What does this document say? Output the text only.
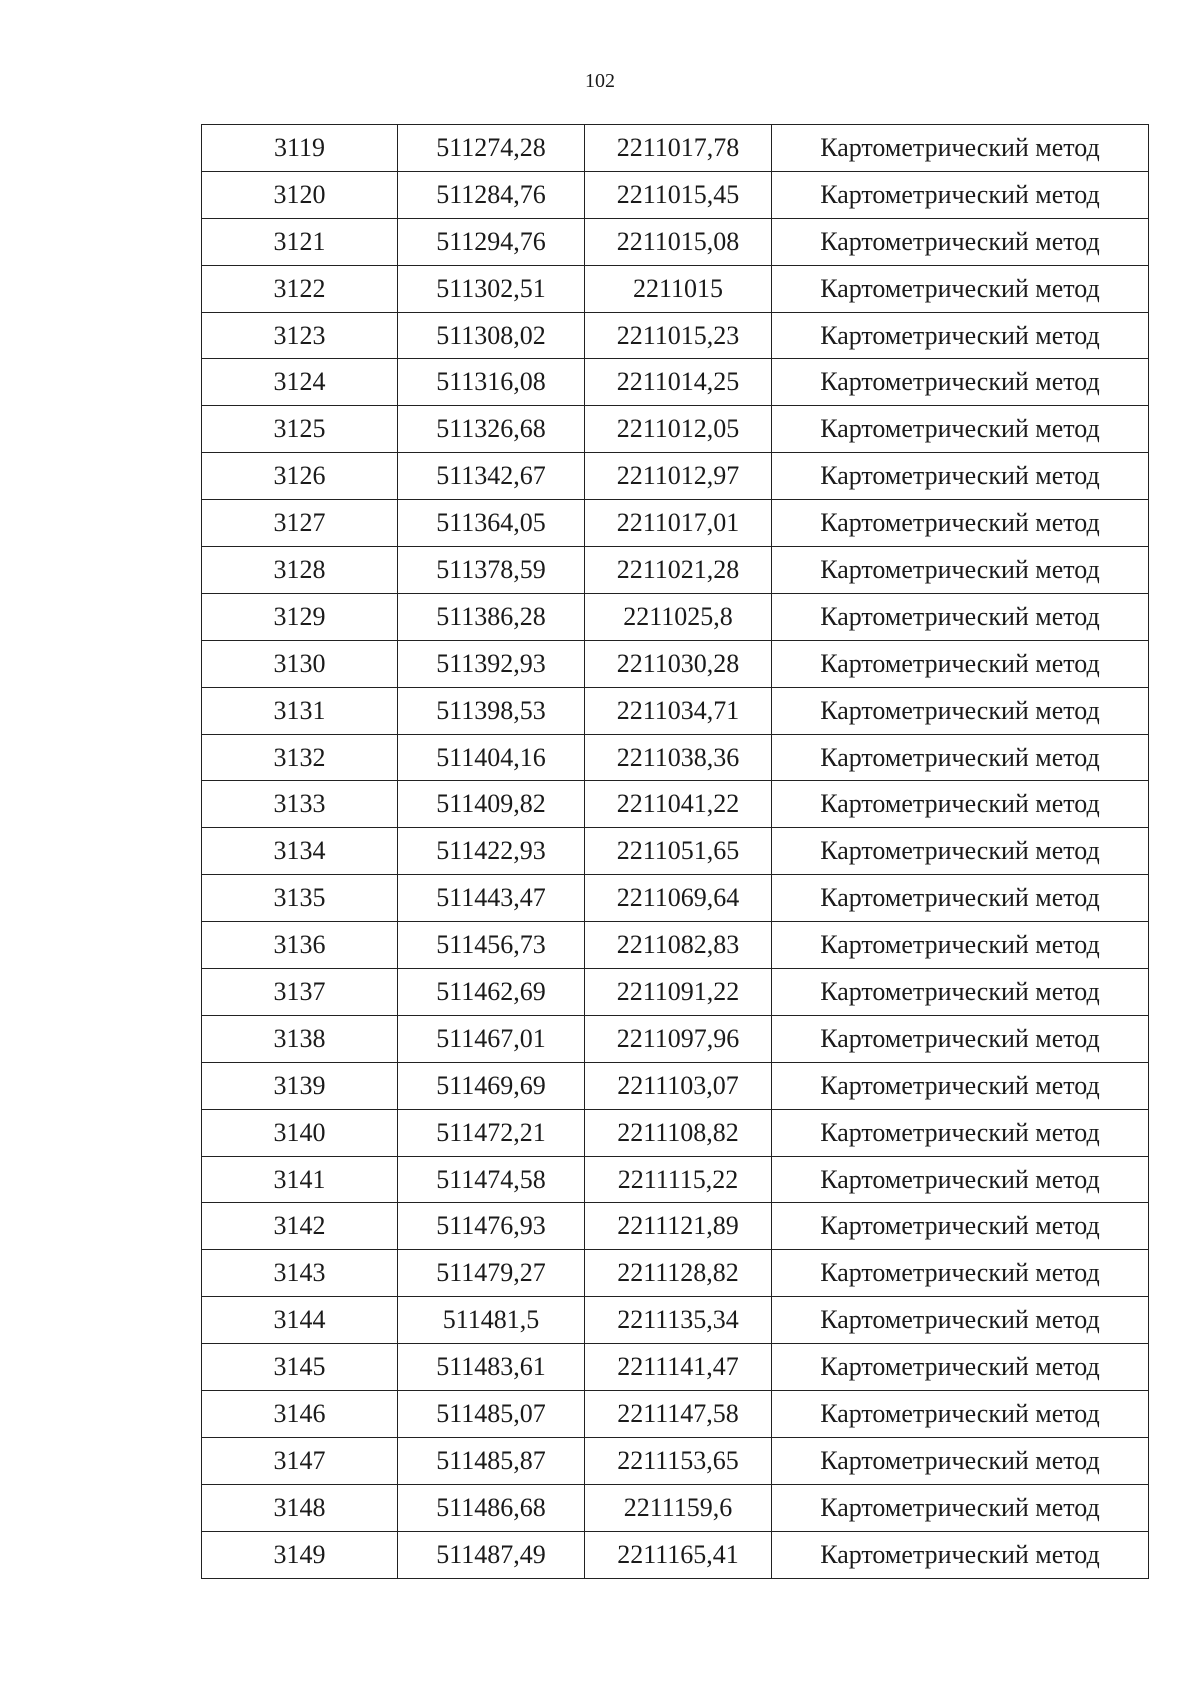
102
3119	511274,28	2211017,78	Картометрический метод
3120	511284,76	2211015,45	Картометрический метод
3121	511294,76	2211015,08	Картометрический метод
3122	511302,51	2211015	Картометрический метод
3123	511308,02	2211015,23	Картометрический метод
3124	511316,08	2211014,25	Картометрический метод
3125	511326,68	2211012,05	Картометрический метод
3126	511342,67	2211012,97	Картометрический метод
3127	511364,05	2211017,01	Картометрический метод
3128	511378,59	2211021,28	Картометрический метод
3129	511386,28	2211025,8	Картометрический метод
3130	511392,93	2211030,28	Картометрический метод
3131	511398,53	2211034,71	Картометрический метод
3132	511404,16	2211038,36	Картометрический метод
3133	511409,82	2211041,22	Картометрический метод
3134	511422,93	2211051,65	Картометрический метод
3135	511443,47	2211069,64	Картометрический метод
3136	511456,73	2211082,83	Картометрический метод
3137	511462,69	2211091,22	Картометрический метод
3138	511467,01	2211097,96	Картометрический метод
3139	511469,69	2211103,07	Картометрический метод
3140	511472,21	2211108,82	Картометрический метод
3141	511474,58	2211115,22	Картометрический метод
3142	511476,93	2211121,89	Картометрический метод
3143	511479,27	2211128,82	Картометрический метод
3144	511481,5	2211135,34	Картометрический метод
3145	511483,61	2211141,47	Картометрический метод
3146	511485,07	2211147,58	Картометрический метод
3147	511485,87	2211153,65	Картометрический метод
3148	511486,68	2211159,6	Картометрический метод
3149	511487,49	2211165,41	Картометрический метод
